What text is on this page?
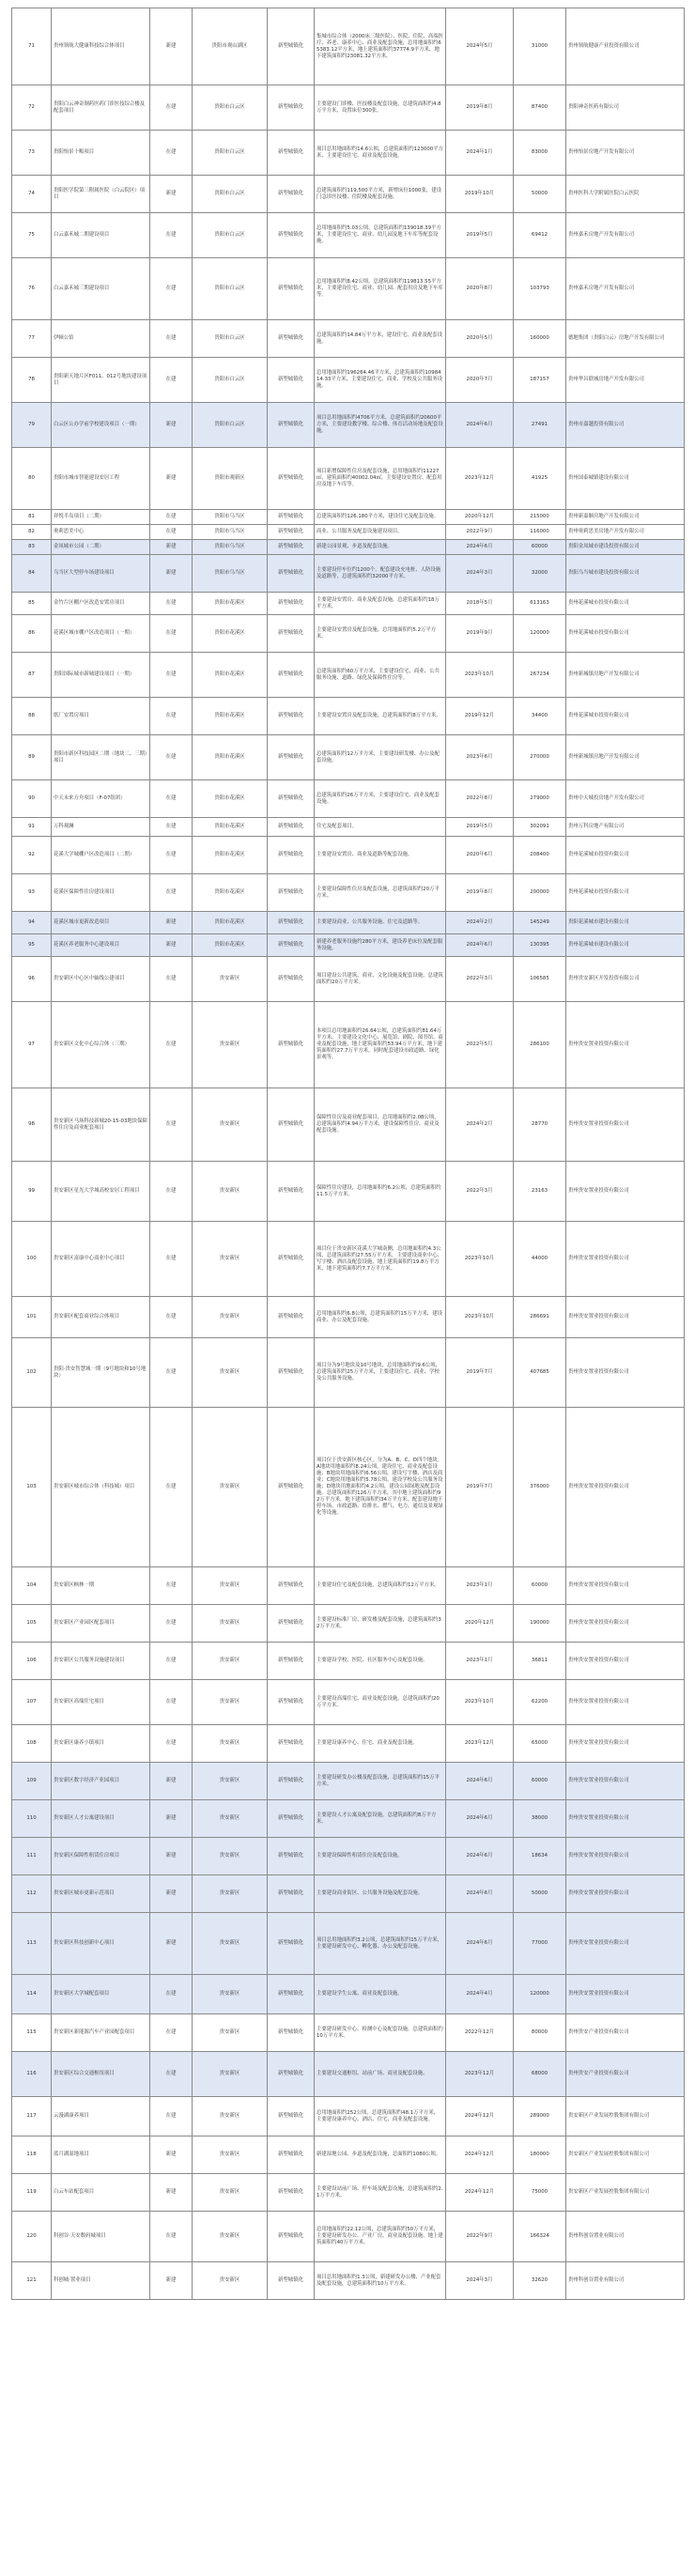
71	贵州领航大健康科技综合体项目	新建	贵阳市观山湖区	新型城镇化	集城市综合体（2000床三级医院）、医院、住院、高端医疗、养老、康养中心、商业及配套设施，总用地面积约65383.12平方米，地上建筑面积约37774.9平方米，地下建筑面积约23081.32平方米。	2024年5月	31000	贵州领航健康产业投资有限公司
72	贵阳白云神奇制药医药门诊医技综合楼及配套项目	在建	贵阳市白云区	新型城镇化	主要建设门诊楼、医技楼及配套设施，总建筑面积约4.8万平方米，设置床位300张。	2019年8月	87400	贵阳神奇医药有限公司
73	贵阳怡景十畈项目	在建	贵阳市白云区	新型城镇化	项目总用地面积约14.6公顷，总建筑面积约123000平方米，主要建设住宅、商业及配套设施。	2024年1月	83000	贵州怡景房地产开发有限公司
74	贵阳医学院第三附属医院（白云院区）项目	新建	贵阳市白云区	新型城镇化	总建筑面积约119,500平方米，新增床位1000张，建设门急诊医技楼、住院楼及配套设施。	2019年10月	50000	贵州医科大学附属医院白云医院
75	白云嘉禾城二期建设项目	在建	贵阳市白云区	新型城镇化	总用地面积约5.03公顷，总建筑面积约139018.39平方米，主要建设住宅、商业、幼儿园及地下车库等配套设施。	2019年5月	69412	贵州嘉禾房地产开发有限公司
76	白云嘉禾城三期建设项目	在建	贵阳市白云区	新型城镇化	总用地面积约8.42公顷，总建筑面积约119813.55平方米，主要建设住宅、商业、幼儿园、配套用房及地下车库等。	2020年8月	103793	贵州嘉禾房地产开发有限公司
77	伊顿公馆	在建	贵阳市白云区	新型城镇化	总建筑面积约14.84万平方米，建设住宅、商业及配套设施。	2020年5月	160000	德地集团（贵阳白云）房地产开发有限公司
78	贵阳新天地片区F011、012号地块建设项目	在建	贵阳市白云区	新型城镇化	总用地面积约196264.46平方米，总建筑面积约1098414.33平方米，主要建设住宅、商业、学校及公共服务设施。	2020年7月	187157	贵州华昌联城房地产开发有限公司
79	白云区公办学前学校建设项目（一期）	新建	贵阳市白云区	新型城镇化	项目总用地面积约4706平方米，总建筑面积约20600平方米，主要建设教学楼、综合楼、体育活动场地及配套设施。	2024年6月	27491	贵州市嘉越投资有限公司
80	贵阳市城市智能建设安居工程	新建	贵阳市观新区	新型城镇化	项目新增保障性住房及配套设施，总用地面积约11227㎡，建筑面积约40002.04㎡，主要建设安置房、配套用房及地下车库等。	2023年12月	41925	贵州国泰城镇建设有限公司
81	祥悦半岛项目（二期）	在建	贵阳市乌当区	新型城镇化	总建筑面积约126,180平方米，建设住宅及配套设施。	2020年12月	215000	贵州新嘉顺房地产开发有限公司
82	奥莉思美中心	在建	贵阳市乌当区	新型城镇化	商业、公共服务及配套设施建设项目。	2022年9月	116000	贵州奥莉思美房地产开发有限公司
83	金凤城市公园（二期）	新建	贵阳市乌当区	新型城镇化	新建公园景观、步道及配套设施。	2024年6月	60000	贵阳金凤城市建设投资有限公司
84	乌当区大型停车场建设项目	新建	贵阳市乌当区	新型城镇化	主要建设停车位约1200个，配套建设充电桩、人防设施及道路等，总建筑面积约32000平方米。	2024年3月	32000	贵阳乌当城市建设投资有限公司
85	金竹片区棚户区改造安置房项目	在建	贵阳市花溪区	新型城镇化	主要建设安置房、商业及配套设施，总建筑面积约18万平方米。	2018年5月	613163	贵州花溪城市投资有限公司
86	花溪区城市棚户区改造项目（一期）	在建	贵阳市花溪区	新型城镇化	主要建设安置房及配套设施，总用地面积约5.2万平方米。	2019年9月	120000	贵州花溪城市投资有限公司
87	贵阳国际城市新城建设项目（一期）	在建	贵阳市花溪区	新型城镇化	总建筑面积约60万平方米，主要建设住宅、商业、公共服务设施、道路、绿化及保障性住房等。	2023年10月	267234	贵州新城镇房地产开发有限公司
88	纸厂安置房项目	在建	贵阳市花溪区	新型城镇化	主要建设安置房及配套设施，总建筑面积约8万平方米。	2019年12月	34400	贵州花溪城市投资有限公司
89	贵阳市新区科技园区二期（地块二、三期）项目	在建	贵阳市花溪区	新型城镇化	总建筑面积约12万平方米，主要建设研发楼、办公及配套设施。	2023年6月	270000	贵州新城镇房地产开发有限公司
90	中天未来方舟项目（F-07组团）	在建	贵阳市花溪区	新型城镇化	总建筑面积约26万平方米，主要建设住宅、商业及配套设施。	2022年8月	279000	贵州中天城投房地产开发有限公司
91	万科观澜	在建	贵阳市花溪区	新型城镇化	住宅及配套项目。	2019年5月	302091	贵州万科房地产有限公司
92	花溪大学城棚户区改造项目（二期）	在建	贵阳市花溪区	新型城镇化	主要建设安置房、商业及道路等配套设施。	2020年6月	208400	贵州花溪城市投资有限公司
93	花溪区保障性住房建设项目	在建	贵阳市花溪区	新型城镇化	主要建设保障性住房及配套设施，总建筑面积约20万平方米。	2019年8月	200000	贵州花溪城市投资有限公司
94	花溪区城市更新改造项目	新建	贵阳市花溪区	新型城镇化	主要建设商业、公共服务设施、住宅及道路等。	2024年2月	145249	贵阳花溪城市建设有限公司
95	花溪区养老服务中心建设项目	新建	贵阳市花溪区	新型城镇化	新建养老服务设施约280平方米，建设养老床位及配套服务设施。	2024年6月	130395	贵州花溪城市建设有限公司
96	贵安新区中心区中轴线公建项目	在建	贵安新区	新型城镇化	项目建设公共建筑、商业、文化设施及配套设施，总建筑面积约20万平方米。	2022年3月	106585	贵州贵安新区开发投资有限公司
97	贵安新区文化中心综合体（三期）	在建	贵安新区	新型城镇化	本项目总用地面积约26.64公顷，总建筑面积约81.64万平方米，主要建设文化中心、展览馆、剧院、图书馆、商业及配套设施，地上建筑面积约53.94万平方米，地下建筑面积约27.7万平方米，同时配套建设市政道路、绿化景观等。	2022年5月	286100	贵州贵安置业投资有限公司
98	贵安新区马场科技新城20-15-03地块保障性住房及商业配套项目	在建	贵安新区	新型城镇化	保障性住房及商业配套项目，总用地面积约2.08公顷，总建筑面积约4.94万平方米，建设保障性住房、商业及配套设施。	2024年2月	28770	贵州贵安置业投资有限公司
99	贵安新区星光大学城高校安居工程项目	在建	贵安新区	新型城镇化	保障性住房建设，总用地面积约6.2公顷，总建筑面积约11.5万平方米。	2022年3月	23163	贵州贵安置业投资有限公司
100	贵安新区富康中心商业中心项目	在建	贵安新区	新型城镇化	项目位于贵安新区花溪大学城南侧，总用地面积约4.3公顷，总建筑面积约27.55万平方米，主要建设商业中心、写字楼、酒店及配套设施，地上建筑面积约19.8万平方米，地下建筑面积约7.7万平方米。	2023年10月	44000	贵州贵安置业投资有限公司
101	贵安新区配套商业综合体项目	在建	贵安新区	新型城镇化	总用地面积约6.8公顷，总建筑面积约15万平方米，建设商业、办公及配套设施。	2023年10月	286691	贵州贵安置业投资有限公司
102	贵阳·贵安智慧城一期（9号地块和10号地块）	在建	贵安新区	新型城镇化	项目分为9号地块及10号地块，总用地面积约9.6公顷，总建筑面积约25万平方米，主要建设住宅、商业、学校及公共服务设施。	2019年7月	407685	贵州贵安置业投资有限公司
103	贵安新区城市综合体（科技城）项目	在建	贵安新区	新型城镇化	项目位于贵安新区核心区，分为A、B、C、D四个地块。A地块用地面积约8.24公顷，建设住宅、商业及配套设施；B地块用地面积约6.56公顷，建设写字楼、酒店及商业；C地块用地面积约5.78公顷，建设学校及公共服务设施；D地块用地面积约4.2公顷，建设公园绿地及配套设施。总建筑面积约126万平方米，其中地上建筑面积约92万平方米，地下建筑面积约34万平方米，配套建设地下停车场、市政道路、给排水、燃气、电力、通信及景观绿化等设施。	2019年7月	376000	贵州贵安置业投资有限公司
104	贵安新区枫林一期	在建	贵安新区	新型城镇化	主要建设住宅及配套设施，总建筑面积约12万平方米。	2023年1月	60000	贵州贵安置业投资有限公司
105	贵安新区产业园区配套项目	在建	贵安新区	新型城镇化	主要建设标准厂房、研发楼及配套设施，总建筑面积约32万平方米。	2020年12月	190000	贵州贵安置业投资有限公司
106	贵安新区公共服务设施建设项目	在建	贵安新区	新型城镇化	主要建设学校、医院、社区服务中心及配套设施。	2023年1月	36811	贵州贵安置业投资有限公司
107	贵安新区高端住宅项目	在建	贵安新区	新型城镇化	主要建设高端住宅、商业及配套设施，总建筑面积约20万平方米。	2023年10月	62200	贵州贵安置业投资有限公司
108	贵安新区康养小镇项目	在建	贵安新区	新型城镇化	主要建设康养中心、住宅、商业及配套设施。	2023年12月	65000	贵州贵安置业投资有限公司
109	贵安新区数字经济产业园项目	新建	贵安新区	新型城镇化	主要建设研发办公楼及配套设施，总建筑面积约15万平方米。	2024年6月	60000	贵州贵安置业投资有限公司
110	贵安新区人才公寓建设项目	新建	贵安新区	新型城镇化	主要建设人才公寓及配套设施，总建筑面积约8万平方米。	2024年6月	38000	贵州贵安置业投资有限公司
111	贵安新区保障性租赁住房项目	新建	贵安新区	新型城镇化	主要建设保障性租赁住房及配套设施。	2024年6月	18634	贵州贵安置业投资有限公司
112	贵安新区城市更新示范项目	新建	贵安新区	新型城镇化	主要建设商业街区、公共服务设施及配套设施。	2024年6月	50000	贵州贵安置业投资有限公司
113	贵安新区科技创新中心项目	新建	贵安新区	新型城镇化	项目总用地面积约3.2公顷，总建筑面积约15万平方米，主要建设研发中心、孵化器、办公及配套设施。	2024年6月	77000	贵州贵安置业投资有限公司
114	贵安新区大学城配套项目	在建	贵安新区	新型城镇化	主要建设学生公寓、商业及配套设施。	2024年4月	120000	贵州贵安置业投资有限公司
115	贵安新区新能源汽车产业园配套项目	在建	贵安新区	新型城镇化	主要建设研发中心、检测中心及配套设施，总建筑面积约10万平方米。	2022年12月	80000	贵州贵安产业投资有限公司
116	贵安新区综合交通枢纽项目	在建	贵安新区	新型城镇化	主要建设交通枢纽、站前广场、商业及配套设施。	2023年12月	68000	贵州贵安产业投资有限公司
117	云漫湖康养项目	在建	贵安新区	新型城镇化	总用地面积约252公顷，总建筑面积约48.1万平方米，主要建设康养中心、酒店、住宅、商业及配套设施。	2024年12月	289000	贵安新区产业发展控股集团有限公司
118	蓝月湖湿地项目	新建	贵安新区	新型城镇化	新建湿地公园、步道及配套设施，总面积约1080公顷。	2024年12月	180000	贵安新区产业发展控股集团有限公司
119	白云车站配套项目	新建	贵安新区	新型城镇化	主要建设站前广场、停车场及配套设施，总建筑面积约2.1万平方米。	2024年12月	75000	贵安新区产业发展控股集团有限公司
120	科创谷·天安数码城项目	在建	贵安新区	新型城镇化	总用地面积约22.12公顷，总建筑面积约50万平方米，主要建设研发办公、产业厂房、商业及配套设施，地上建筑面积约40万平方米。	2022年9月	166324	贵州科创谷置业有限公司
121	科创城·置业项目	新建	贵安新区	新型城镇化	项目总用地面积约1.3公顷，新建研发办公楼、产业配套及配套设施，总建筑面积约10万平方米。	2024年3月	32620	贵州科创谷置业有限公司
